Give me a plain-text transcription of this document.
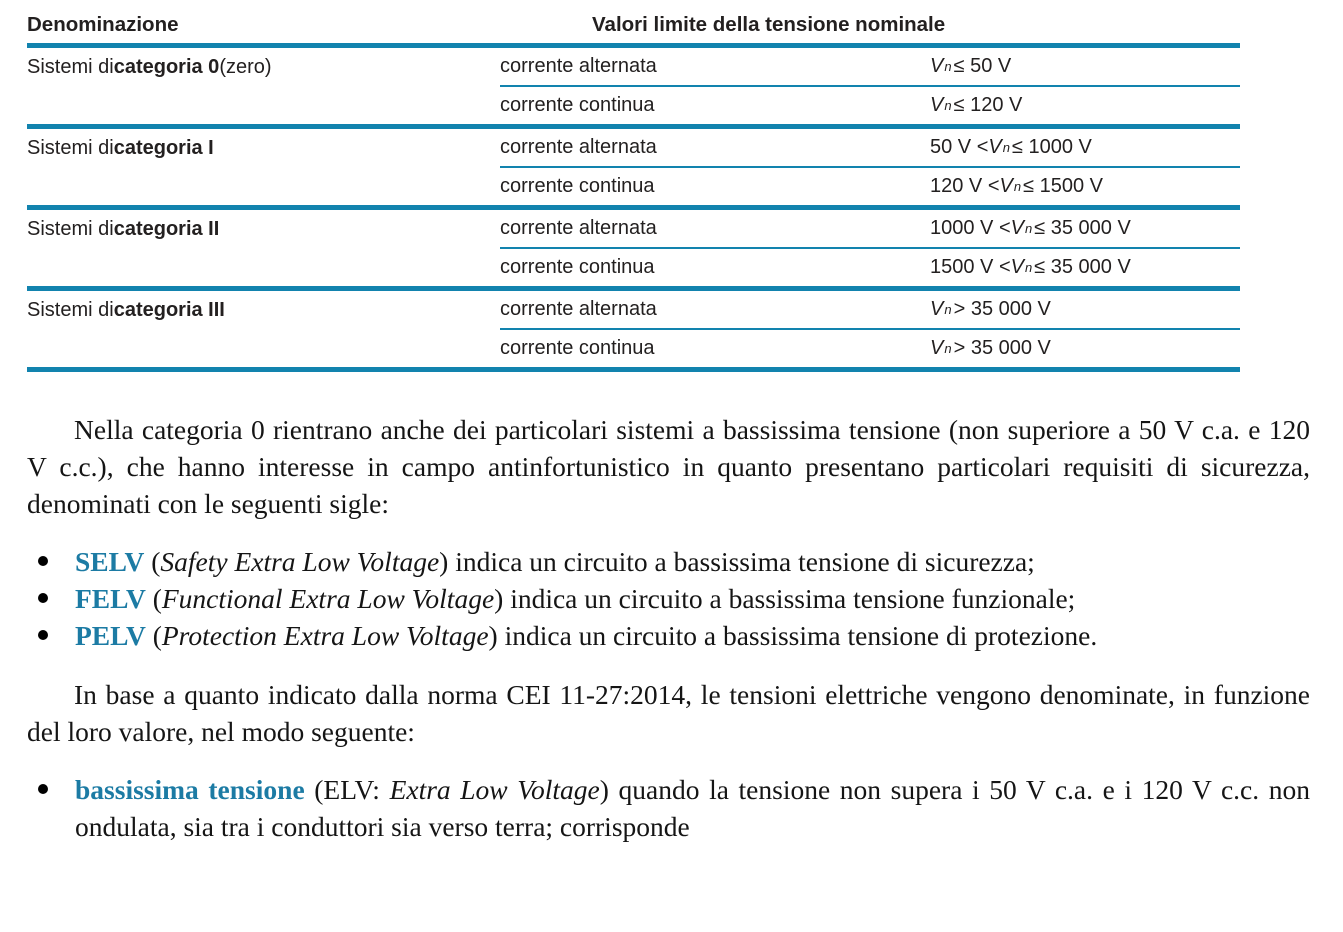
Denominazione	Valori limite della tensione nominale
Sistemi di categoria 0 (zero)	corrente alternata	V n ≤ 50 V
corrente continua	V n ≤ 120 V
Sistemi di categoria I	corrente alternata	50 V < V n ≤ 1000 V
corrente continua	120 V < V n ≤ 1500 V
Sistemi di categoria II	corrente alternata	1000 V < V n ≤ 35 000 V
corrente continua	1500 V < V n ≤ 35 000 V
Sistemi di categoria III	corrente alternata	V n > 35 000 V
corrente continua	V n > 35 000 V

Nella categoria 0 rientrano anche dei particolari sistemi a bassissima tensione (non superiore a 50 V c.a. e 120 V c.c.), che hanno interesse in campo antinfortunistico in quanto presentano particolari requisiti di sicurezza, denominati con le seguenti sigle:

SELV (Safety Extra Low Voltage) indica un circuito a bassissima tensione di sicurezza;
FELV (Functional Extra Low Voltage) indica un circuito a bassissima tensione funzionale;
PELV (Protection Extra Low Voltage) indica un circuito a bassissima tensione di protezione.

In base a quanto indicato dalla norma CEI 11-27:2014, le tensioni elettriche vengono denominate, in funzione del loro valore, nel modo seguente:

bassissima tensione (ELV: Extra Low Voltage) quando la tensione non supera i 50 V c.a. e i 120 V c.c. non ondulata, sia tra i conduttori sia verso terra; corrisponde
